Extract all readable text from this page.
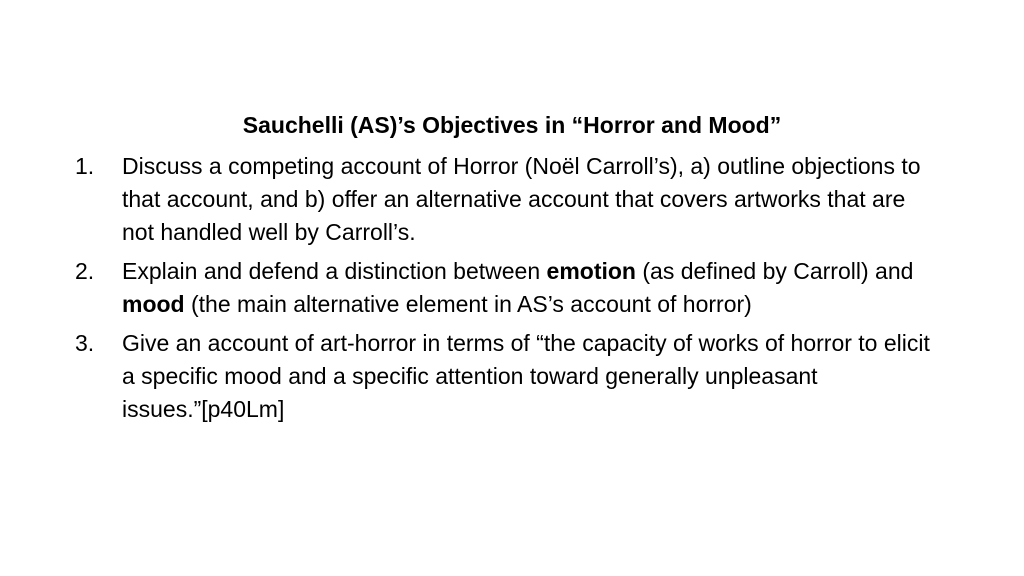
Sauchelli (AS)’s Objectives in “Horror and Mood”
1. Discuss a competing account of Horror (Noël Carroll’s), a) outline objections to that account, and b) offer an alternative account that covers artworks that are not handled well by Carroll’s.
2. Explain and defend a distinction between emotion (as defined by Carroll) and mood (the main alternative element in AS’s account of horror)
3. Give an account of art-horror in terms of “the capacity of works of horror to elicit a specific mood and a specific attention toward generally unpleasant issues.”[p40Lm]
